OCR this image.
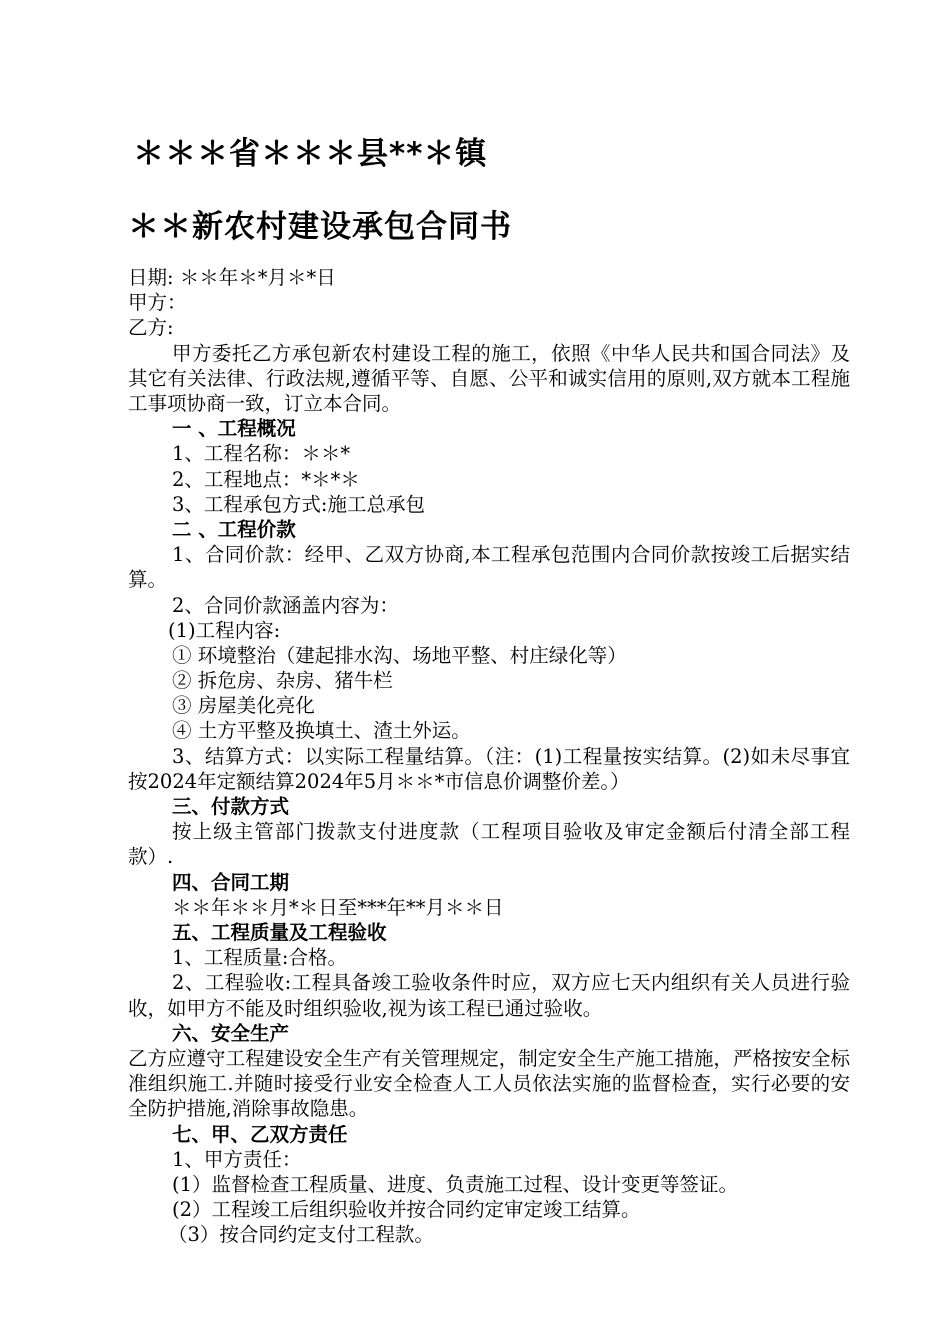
＊＊＊省＊＊＊县**＊镇
＊＊新农村建设承包合同书
日期: ＊＊年＊*月＊*日
甲方：
乙方:
甲方委托乙方承包新农村建设工程的施工，依照《中华人民共和国合同法》及其它有关法律、行政法规,遵循平等、自愿、公平和诚实信用的原则,双方就本工程施工事项协商一致，订立本合同。
一 、工程概况
1、工程名称：＊＊*
2、工程地点：*＊*＊
3、工程承包方式:施工总承包
二 、工程价款
1、合同价款：经甲、乙双方协商,本工程承包范围内合同价款按竣工后据实结算。
2、合同价款涵盖内容为：
(1)工程内容:
① 环境整治（建起排水沟、场地平整、村庄绿化等）
② 拆危房、杂房、猪牛栏
③ 房屋美化亮化
④ 土方平整及换填土、渣土外运。
3、结算方式：以实际工程量结算。（注：(1)工程量按实结算。(2)如未尽事宜按2024年定额结算2024年5月＊＊*市信息价调整价差。）
三、付款方式
按上级主管部门拨款支付进度款（工程项目验收及审定金额后付清全部工程款）.
四、合同工期
＊＊年＊＊月*＊日至***年**月＊＊日
五、工程质量及工程验收
1、工程质量:合格。
2、工程验收:工程具备竣工验收条件时应，双方应七天内组织有关人员进行验收，如甲方不能及时组织验收,视为该工程已通过验收。
六、安全生产
乙方应遵守工程建设安全生产有关管理规定，制定安全生产施工措施，严格按安全标准组织施工.并随时接受行业安全检查人工人员依法实施的监督检查，实行必要的安全防护措施,消除事故隐患。
七、甲、乙双方责任
1、甲方责任：
(1）监督检查工程质量、进度、负责施工过程、设计变更等签证。
(2）工程竣工后组织验收并按合同约定审定竣工结算。
（3）按合同约定支付工程款。
